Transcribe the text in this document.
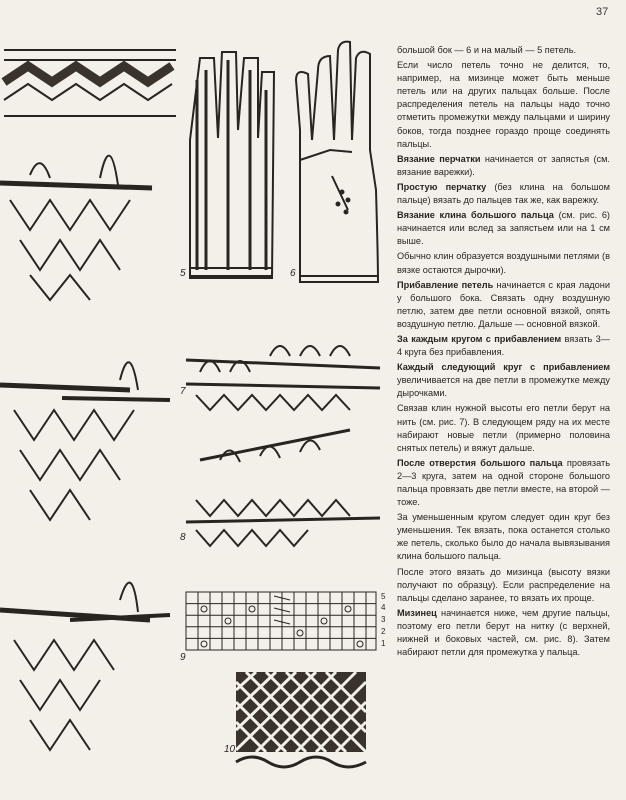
37
5	6
7
8
9
10
5
4
3
2
1

большой бок — 6 и на малый — 5 петель.

Если число петель точно не делится, то, например, на мизинце может быть меньше петель или на других пальцах больше. После распределения петель на пальцы надо точно отметить промежутки между пальцами и ширину боков, тогда позднее гораздо проще соединять пальцы.

Вязание перчатки начинается от запястья (см. вязание варежки).

Простую перчатку (без клина на большом пальце) вязать до пальцев так же, как варежку.

Вязание клина большого пальца (см. рис. 6) начинается или вслед за запястьем или на 1 см выше.

Обычно клин образуется воздушными петлями (в вязке остаются дырочки).

Прибавление петель начинается с края ладони у большого бока. Связать одну воздушную петлю, затем две петли основной вязкой, опять воздушную петлю. Дальше — основной вязкой.

За каждым кругом с прибавлением вязать 3—4 круга без прибавления.

Каждый следующий круг с прибавлением увеличивается на две петли в промежутке между дырочками.

Связав клин нужной высоты его петли берут на нить (см. рис. 7). В следующем ряду на их месте набирают новые петли (примерно половина снятых петель) и вяжут дальше.

После отверстия большого пальца провязать 2—3 круга, затем на одной стороне большого пальца провязать две петли вместе, на второй — тоже.

За уменьшенным кругом следует один круг без уменьшения. Тек вязать, пока останется столько же петель, сколько было до начала вывязывания клина большого пальца.

После этого вязать до мизинца (высоту вязки получают по образцу). Если распределение на пальцы сделано заранее, то вязать их проще.

Мизинец начинается ниже, чем другие пальцы, поэтому его петли берут на нитку (с верхней, нижней и боковых частей, см. рис. 8). Затем набирают петли для промежутка у пальца.
